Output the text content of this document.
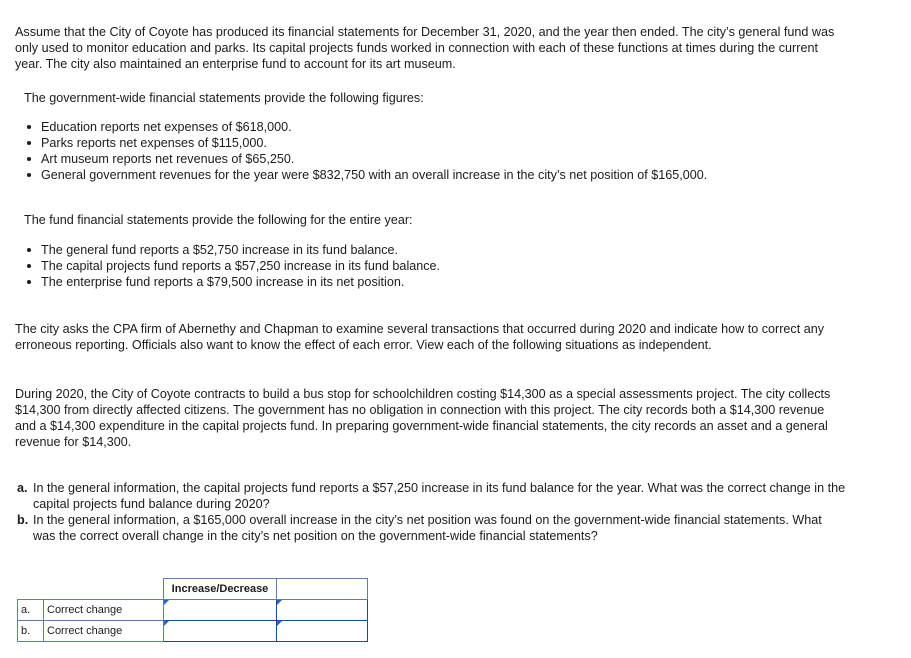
Assume that the City of Coyote has produced its financial statements for December 31, 2020, and the year then ended. The city’s general fund was only used to monitor education and parks. Its capital projects funds worked in connection with each of these functions at times during the current year. The city also maintained an enterprise fund to account for its art museum.

The government-wide financial statements provide the following figures:

Education reports net expenses of $618,000.
Parks reports net expenses of $115,000.
Art museum reports net revenues of $65,250.
General government revenues for the year were $832,750 with an overall increase in the city’s net position of $165,000.

The fund financial statements provide the following for the entire year:

The general fund reports a $52,750 increase in its fund balance.
The capital projects fund reports a $57,250 increase in its fund balance.
The enterprise fund reports a $79,500 increase in its net position.

The city asks the CPA firm of Abernethy and Chapman to examine several transactions that occurred during 2020 and indicate how to correct any erroneous reporting. Officials also want to know the effect of each error. View each of the following situations as independent.

During 2020, the City of Coyote contracts to build a bus stop for schoolchildren costing $14,300 as a special assessments project. The city collects $14,300 from directly affected citizens. The government has no obligation in connection with this project. The city records both a $14,300 revenue and a $14,300 expenditure in the capital projects fund. In preparing government-wide financial statements, the city records an asset and a general revenue for $14,300.

a. In the general information, the capital projects fund reports a $57,250 increase in its fund balance for the year. What was the correct change in the capital projects fund balance during 2020?
b. In the general information, a $165,000 overall increase in the city’s net position was found on the government-wide financial statements. What was the correct overall change in the city’s net position on the government-wide financial statements?
		Increase/Decrease	
a.	Correct change	

b.	Correct change	
